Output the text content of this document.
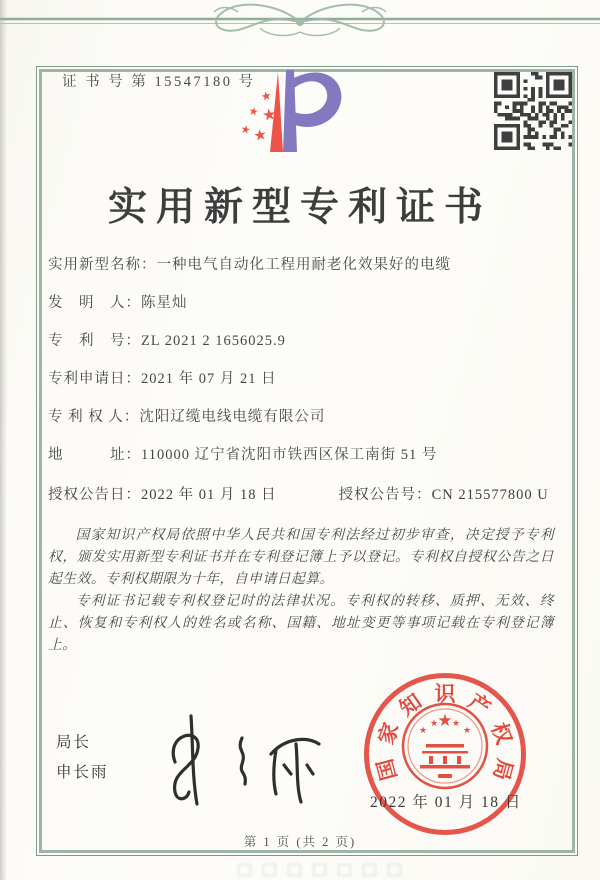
证 书 号 第 15547180 号
★
★ ★
★ ★
实用新型专利证书
实用新型名称：一种电气自动化工程用耐老化效果好的电缆
发　明　人：陈星灿
专　利　号：ZL 2021 2 1656025.9
专利申请日：2021 年 07 月 21 日
专 利 权 人：沈阳辽缆电线电缆有限公司
地　　　址：110000 辽宁省沈阳市铁西区保工南街 51 号
授权公告日：2022 年 01 月 18 日	授权公告号：CN 215577800 U

国家知识产权局依照中华人民共和国专利法经过初步审查，决定授予专利权，颁发实用新型专利证书并在专利登记簿上予以登记。专利权自授权公告之日起生效。专利权期限为十年，自申请日起算。

专利证书记载专利权登记时的法律状况。专利权的转移、质押、无效、终止、恢复和专利权人的姓名或名称、国籍、地址变更等事项记载在专利登记簿上。

局长
申长雨	国
家
知 识 产
权
局
★
★
★ ★
★
2022 年 01 月 18 日
第 1 页 (共 2 页)
